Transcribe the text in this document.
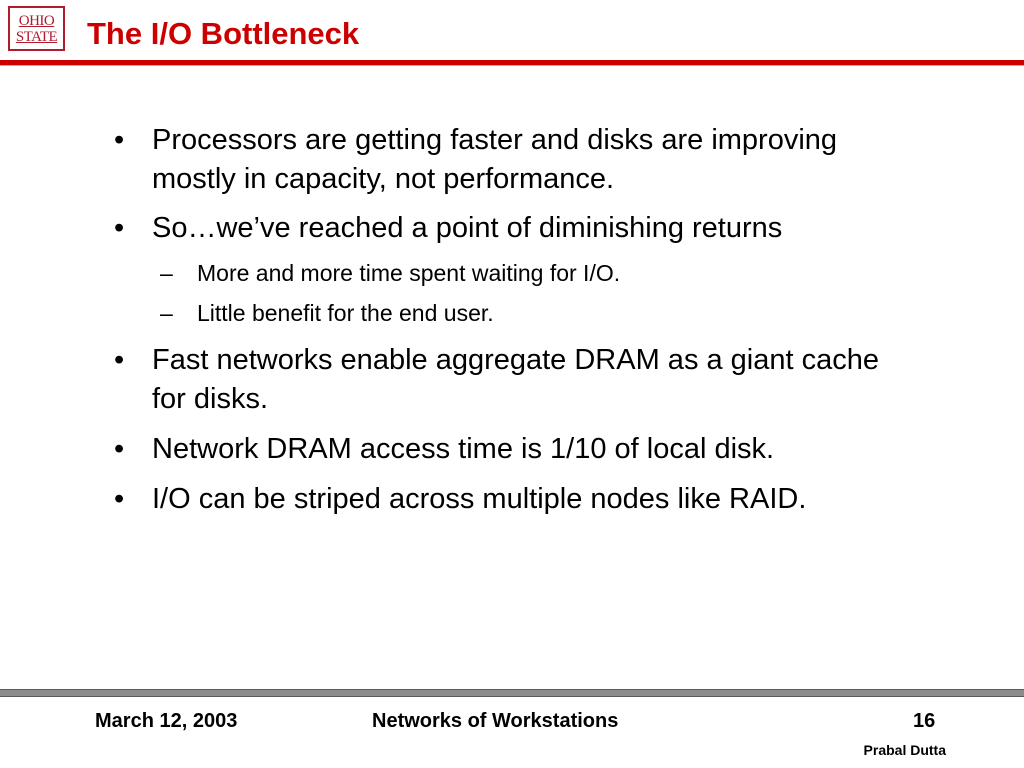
OHIO
STATE The I/O Bottleneck
• Processors are getting faster and disks are improving mostly in capacity, not performance.
• So…we’ve reached a point of diminishing returns
– More and more time spent waiting for I/O.
– Little benefit for the end user.
• Fast networks enable aggregate DRAM as a giant cache for disks.
• Network DRAM access time is 1/10 of local disk.
• I/O can be striped across multiple nodes like RAID.
March 12, 2003	Networks of Workstations	16
Prabal Dutta
